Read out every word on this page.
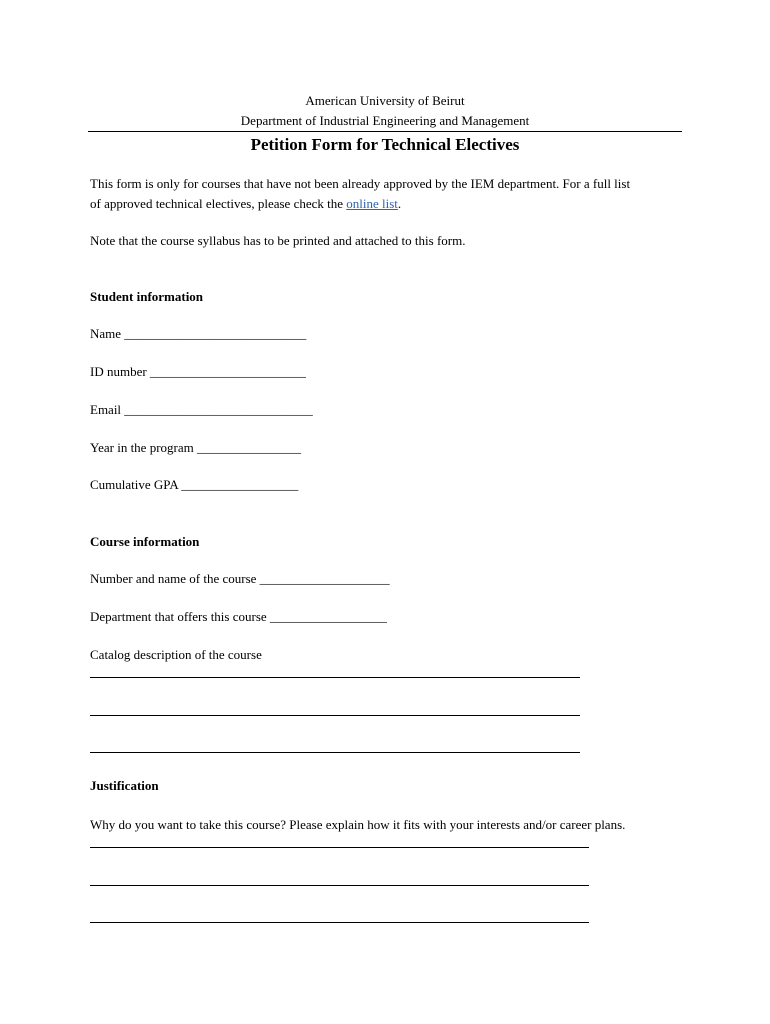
American University of Beirut

Department of Industrial Engineering and Management

Petition Form for Technical Electives

This form is only for courses that have not been already approved by the IEM department. For a full list

of approved technical electives, please check the online list.

Note that the course syllabus has to be printed and attached to this form.

Student information

Name ____________________________

ID number ________________________

Email _____________________________

Year in the program ________________

Cumulative GPA __________________

Course information

Number and name of the course ____________________

Department that offers this course __________________

Catalog description of the course

Justification

Why do you want to take this course? Please explain how it fits with your interests and/or career plans.
